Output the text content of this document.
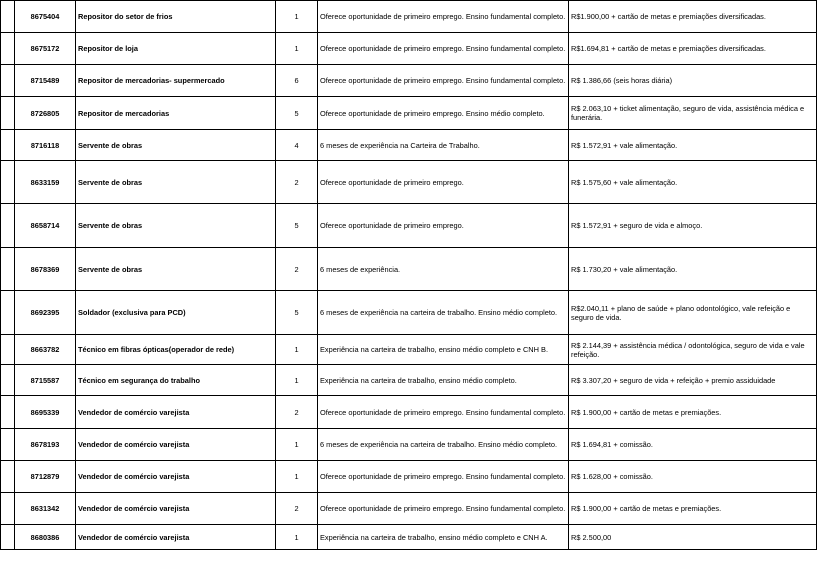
	8675404	Repositor do setor de frios	1	Oferece oportunidade de primeiro emprego. Ensino fundamental completo.	R$1.900,00 + cartão de metas e premiações diversificadas.
	8675172	Repositor de loja	1	Oferece oportunidade de primeiro emprego. Ensino fundamental completo.	R$1.694,81 + cartão de metas e premiações diversificadas.
	8715489	Repositor de mercadorias- supermercado	6	Oferece oportunidade de primeiro emprego. Ensino fundamental completo.	R$ 1.386,66 (seis horas diária)
	8726805	Repositor de mercadorias	5	Oferece oportunidade de primeiro emprego. Ensino médio completo.	R$ 2.063,10 + ticket alimentação, seguro de vida, assistência médica e funerária.
	8716118	Servente de obras	4	6 meses de experiência na Carteira de Trabalho.	R$ 1.572,91 + vale alimentação.
	8633159	Servente de obras	2	Oferece oportunidade de primeiro emprego.	R$ 1.575,60 + vale alimentação.
	8658714	Servente de obras	5	Oferece oportunidade de primeiro emprego.	R$ 1.572,91 + seguro de vida e almoço.
	8678369	Servente de obras	2	6 meses de experiência.	R$ 1.730,20 + vale alimentação.
	8692395	Soldador (exclusiva para PCD)	5	6 meses de experiência na carteira de trabalho. Ensino médio completo.	R$2.040,11 + plano de saúde + plano odontológico, vale refeição e seguro de vida.
	8663782	Técnico em fibras ópticas(operador de rede)	1	Experiência na carteira de trabalho, ensino médio completo e CNH B.	R$ 2.144,39 + assistência médica / odontológica, seguro de vida e vale refeição.
	8715587	Técnico em segurança do trabalho	1	Experiência na carteira de trabalho, ensino médio completo.	R$ 3.307,20 + seguro de vida + refeição + premio assiduidade
	8695339	Vendedor de comércio varejista	2	Oferece oportunidade de primeiro emprego. Ensino fundamental completo.	R$ 1.900,00 + cartão de metas e premiações.
	8678193	Vendedor de comércio varejista	1	6 meses de experiência na carteira de trabalho. Ensino médio completo.	R$ 1.694,81 + comissão.
	8712879	Vendedor de comércio varejista	1	Oferece oportunidade de primeiro emprego. Ensino fundamental completo.	R$ 1.628,00 + comissão.
	8631342	Vendedor de comércio varejista	2	Oferece oportunidade de primeiro emprego. Ensino fundamental completo.	R$ 1.900,00 + cartão de metas e premiações.
	8680386	Vendedor de comércio varejista	1	Experiência na carteira de trabalho, ensino médio completo e CNH A.	R$ 2.500,00
